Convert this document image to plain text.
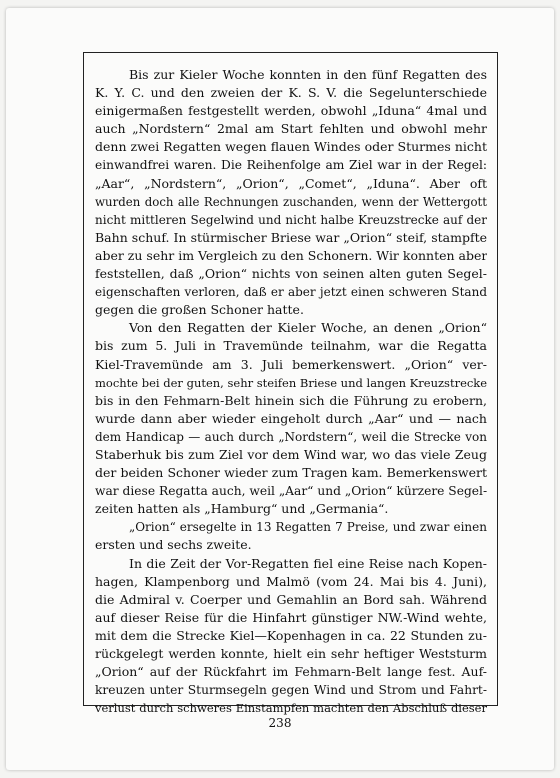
Bis zur Kieler Woche konnten in den fünf Regatten des
K. Y. C. und den zweien der K. S. V. die Segelunterschiede
einigermaßen festgestellt werden, obwohl „Iduna“ 4mal und
auch „Nordstern“ 2mal am Start fehlten und obwohl mehr
denn zwei Regatten wegen flauen Windes oder Sturmes nicht
einwandfrei waren. Die Reihenfolge am Ziel war in der Regel:
„Aar“, „Nordstern“, „Orion“, „Comet“, „Iduna“. Aber oft
wurden doch alle Rechnungen zuschanden, wenn der Wettergott
nicht mittleren Segelwind und nicht halbe Kreuzstrecke auf der
Bahn schuf. In stürmischer Briese war „Orion“ steif, stampfte
aber zu sehr im Vergleich zu den Schonern. Wir konnten aber
feststellen, daß „Orion“ nichts von seinen alten guten Segel-
eigenschaften verloren, daß er aber jetzt einen schweren Stand
gegen die großen Schoner hatte.

Von den Regatten der Kieler Woche, an denen „Orion“
bis zum 5. Juli in Travemünde teilnahm, war die Regatta
Kiel-Travemünde am 3. Juli bemerkenswert. „Orion“ ver-
mochte bei der guten, sehr steifen Briese und langen Kreuzstrecke
bis in den Fehmarn-Belt hinein sich die Führung zu erobern,
wurde dann aber wieder eingeholt durch „Aar“ und — nach
dem Handicap — auch durch „Nordstern“, weil die Strecke von
Staberhuk bis zum Ziel vor dem Wind war, wo das viele Zeug
der beiden Schoner wieder zum Tragen kam. Bemerkenswert
war diese Regatta auch, weil „Aar“ und „Orion“ kürzere Segel-
zeiten hatten als „Hamburg“ und „Germania“.

„Orion“ ersegelte in 13 Regatten 7 Preise, und zwar einen
ersten und sechs zweite.

In die Zeit der Vor-Regatten fiel eine Reise nach Kopen-
hagen, Klampenborg und Malmö (vom 24. Mai bis 4. Juni),
die Admiral v. Coerper und Gemahlin an Bord sah. Während
auf dieser Reise für die Hinfahrt günstiger NW.-Wind wehte,
mit dem die Strecke Kiel—Kopenhagen in ca. 22 Stunden zu-
rückgelegt werden konnte, hielt ein sehr heftiger Weststurm
„Orion“ auf der Rückfahrt im Fehmarn-Belt lange fest. Auf-
kreuzen unter Sturmsegeln gegen Wind und Strom und Fahrt-
verlust durch schweres Einstampfen machten den Abschluß dieser

238
